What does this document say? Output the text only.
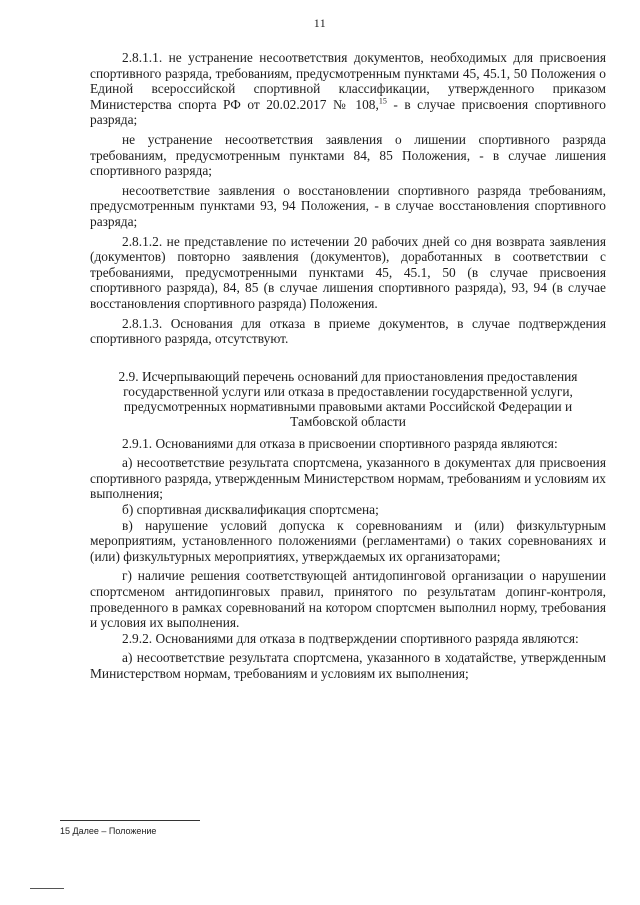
11

2.8.1.1. не устранение несоответствия документов, необходимых для присвоения спортивного разряда, требованиям, предусмотренным пунктами 45, 45.1, 50 Положения о Единой всероссийской спортивной классификации, утвержденного приказом Министерства спорта РФ от 20.02.2017 № 108,15 - в случае присвоения спортивного разряда;

не устранение несоответствия заявления о лишении спортивного разряда требованиям, предусмотренным пунктами 84, 85 Положения, - в случае лишения спортивного разряда;

несоответствие заявления о восстановлении спортивного разряда требованиям, предусмотренным пунктами 93, 94 Положения, - в случае восстановления спортивного разряда;

2.8.1.2. не представление по истечении 20 рабочих дней со дня возврата заявления (документов) повторно заявления (документов), доработанных в соответствии с требованиями, предусмотренными пунктами 45, 45.1, 50 (в случае присвоения спортивного разряда), 84, 85 (в случае лишения спортивного разряда), 93, 94 (в случае восстановления спортивного разряда) Положения.

2.8.1.3. Основания для отказа в приеме документов, в случае подтверждения спортивного разряда, отсутствуют.

2.9. Исчерпывающий перечень оснований для приостановления предоставления государственной услуги или отказа в предоставлении государственной услуги, предусмотренных нормативными правовыми актами Российской Федерации и Тамбовской области

2.9.1. Основаниями для отказа в присвоении спортивного разряда являются:

а) несоответствие результата спортсмена, указанного в документах для присвоения спортивного разряда, утвержденным Министерством нормам, требованиям и условиям их выполнения;

б) спортивная дисквалификация спортсмена;

в) нарушение условий допуска к соревнованиям и (или) физкультурным мероприятиям, установленного положениями (регламентами) о таких соревнованиях и (или) физкультурных мероприятиях, утверждаемых их организаторами;

г) наличие решения соответствующей антидопинговой организации о нарушении спортсменом антидопинговых правил, принятого по результатам допинг-контроля, проведенного в рамках соревнований на котором спортсмен выполнил норму, требования и условия их выполнения.

2.9.2. Основаниями для отказа в подтверждении спортивного разряда являются:

а) несоответствие результата спортсмена, указанного в ходатайстве, утвержденным Министерством нормам, требованиям и условиям их выполнения;

15 Далее – Положение
